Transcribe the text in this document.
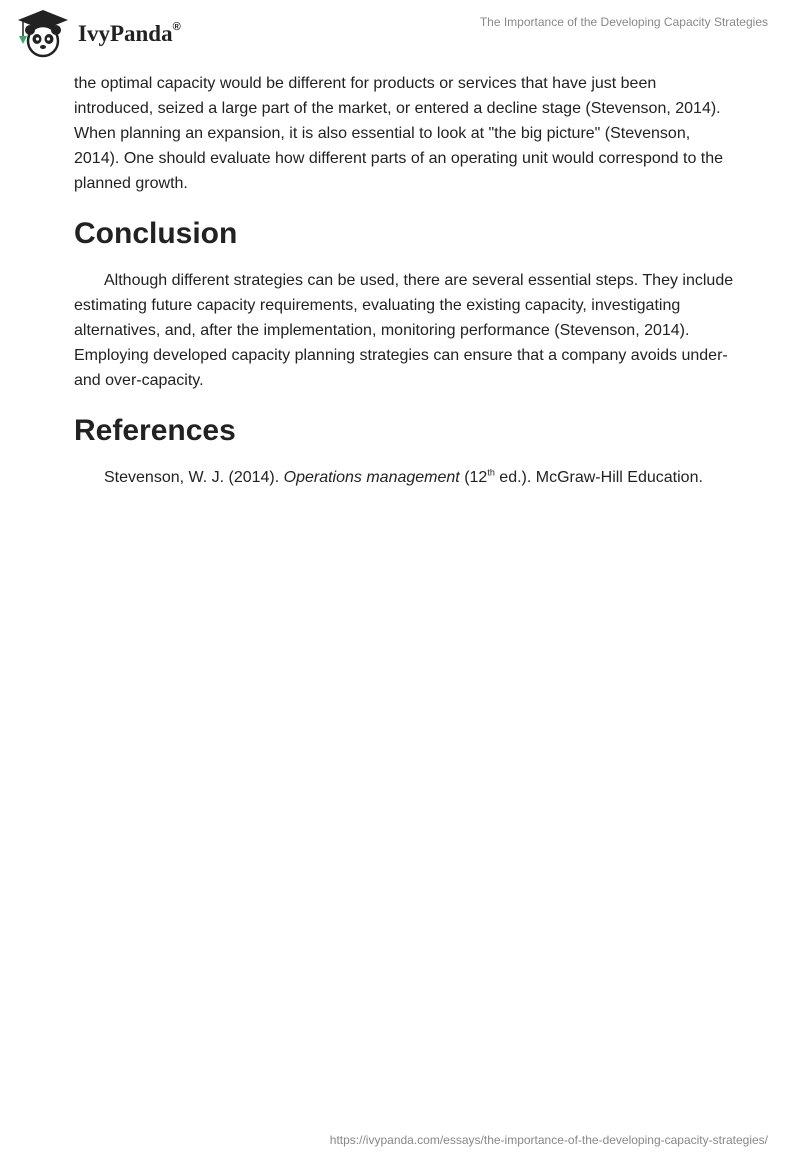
IvyPanda®	The Importance of the Developing Capacity Strategies

the optimal capacity would be different for products or services that have just been introduced, seized a large part of the market, or entered a decline stage (Stevenson, 2014). When planning an expansion, it is also essential to look at "the big picture" (Stevenson, 2014). One should evaluate how different parts of an operating unit would correspond to the planned growth.

Conclusion

Although different strategies can be used, there are several essential steps. They include estimating future capacity requirements, evaluating the existing capacity, investigating alternatives, and, after the implementation, monitoring performance (Stevenson, 2014). Employing developed capacity planning strategies can ensure that a company avoids under- and over-capacity.

References

Stevenson, W. J. (2014). Operations management (12th ed.). McGraw-Hill Education.

https://ivypanda.com/essays/the-importance-of-the-developing-capacity-strategies/
